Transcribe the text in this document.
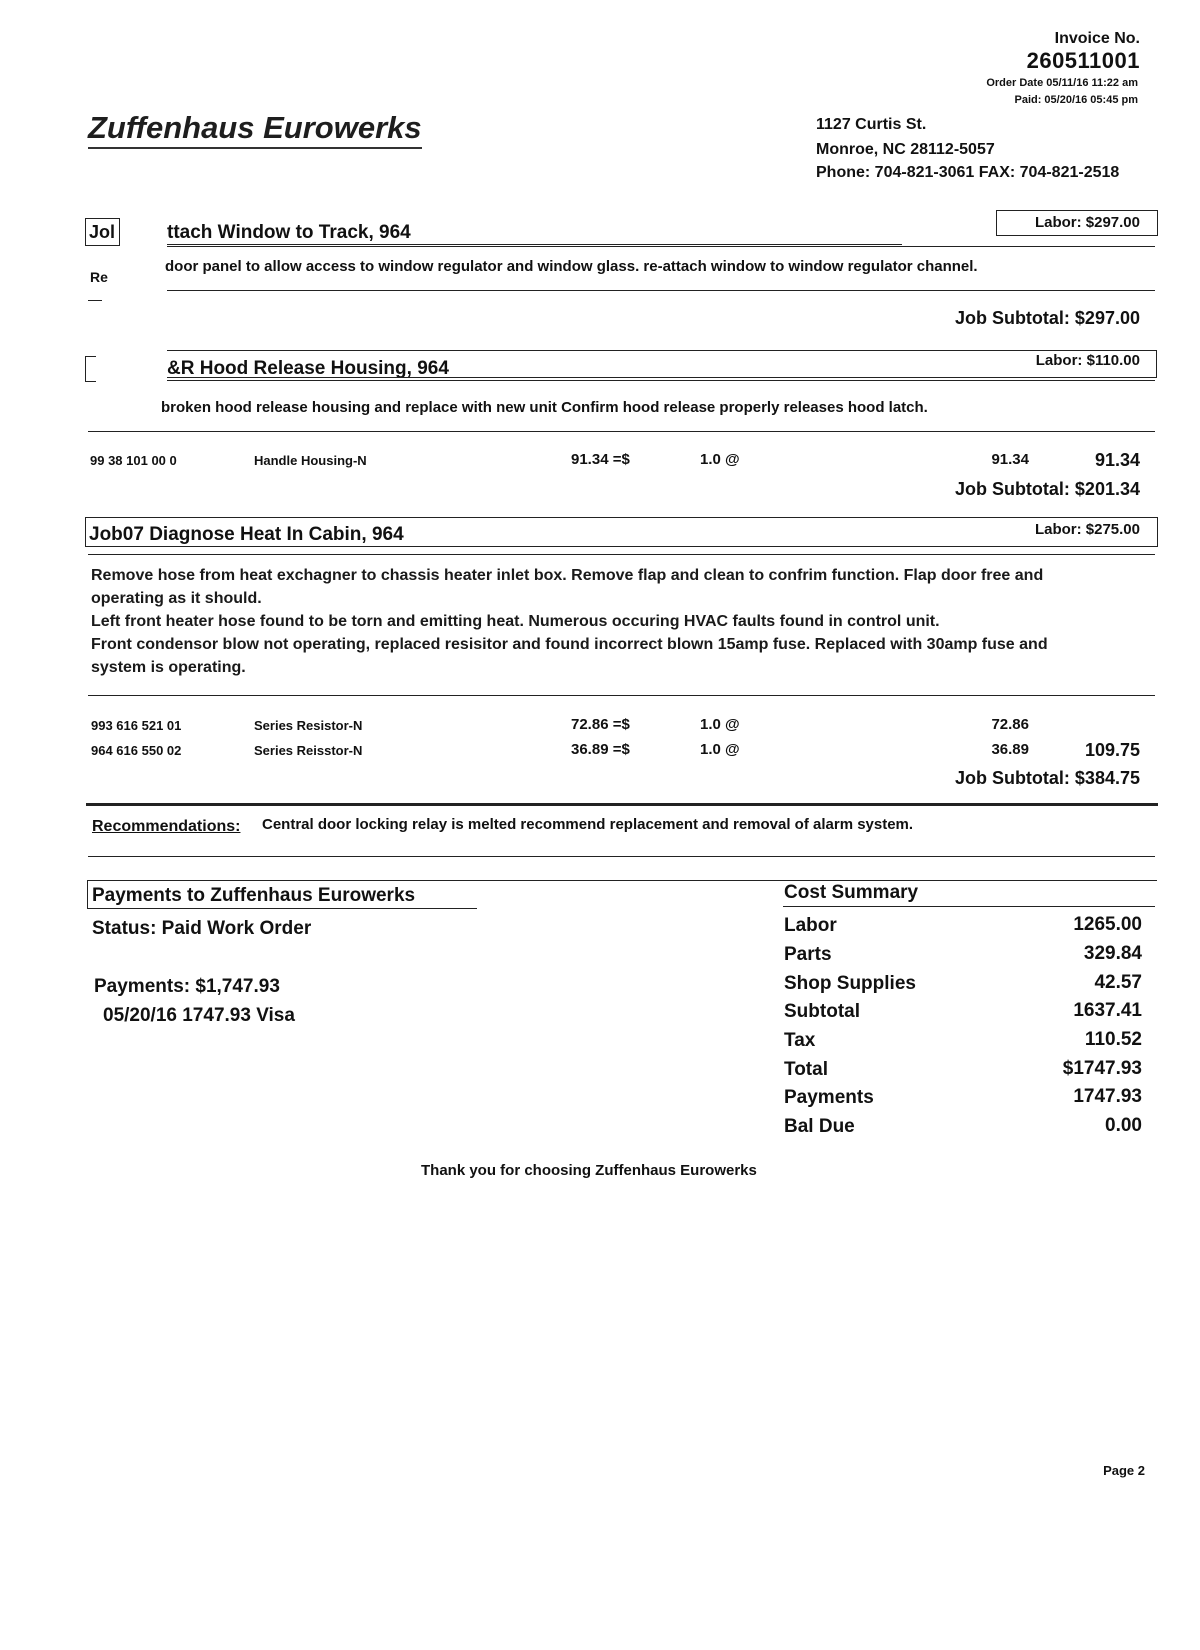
Invoice No.
260511001
Order Date 05/11/16 11:22 am
Paid: 05/20/16 05:45 pm
Zuffenhaus Eurowerks	1127 Curtis St.
Monroe, NC 28112-5057
Phone: 704-821-3061 FAX: 704-821-2518
Jol	ttach Window to Track, 964	Labor: $297.00
Re
door panel to allow access to window regulator and window glass. re-attach window to window regulator channel.
Job Subtotal: $297.00
&R Hood Release Housing, 964	Labor: $110.00
broken hood release housing and replace with new unit Confirm hood release properly releases hood latch.
99 38 101 00 0	Handle Housing-N	91.34 =$	1.0 @	91.34	91.34
Job Subtotal: $201.34
Job07 Diagnose Heat In Cabin, 964	Labor: $275.00
Remove hose from heat exchagner to chassis heater inlet box. Remove flap and clean to confrim function. Flap door free and
operating as it should.
Left front heater hose found to be torn and emitting heat. Numerous occuring HVAC faults found in control unit.
Front condensor blow not operating, replaced resisitor and found incorrect blown 15amp fuse. Replaced with 30amp fuse and
system is operating.
993 616 521 01	Series Resistor-N	72.86 =$	1.0 @	72.86
964 616 550 02	Series Reisstor-N	36.89 =$	1.0 @	36.89	109.75
Job Subtotal: $384.75
Recommendations: Central door locking relay is melted recommend replacement and removal of alarm system.
Payments to Zuffenhaus Eurowerks
Status: Paid Work Order
Payments: $1,747.93
05/20/16 1747.93 Visa
Cost Summary
Labor	1265.00
Parts	329.84
Shop Supplies	42.57
Subtotal	1637.41
Tax	110.52
Total	$1747.93
Payments	1747.93
Bal Due	0.00
Thank you for choosing Zuffenhaus Eurowerks
Page 2
